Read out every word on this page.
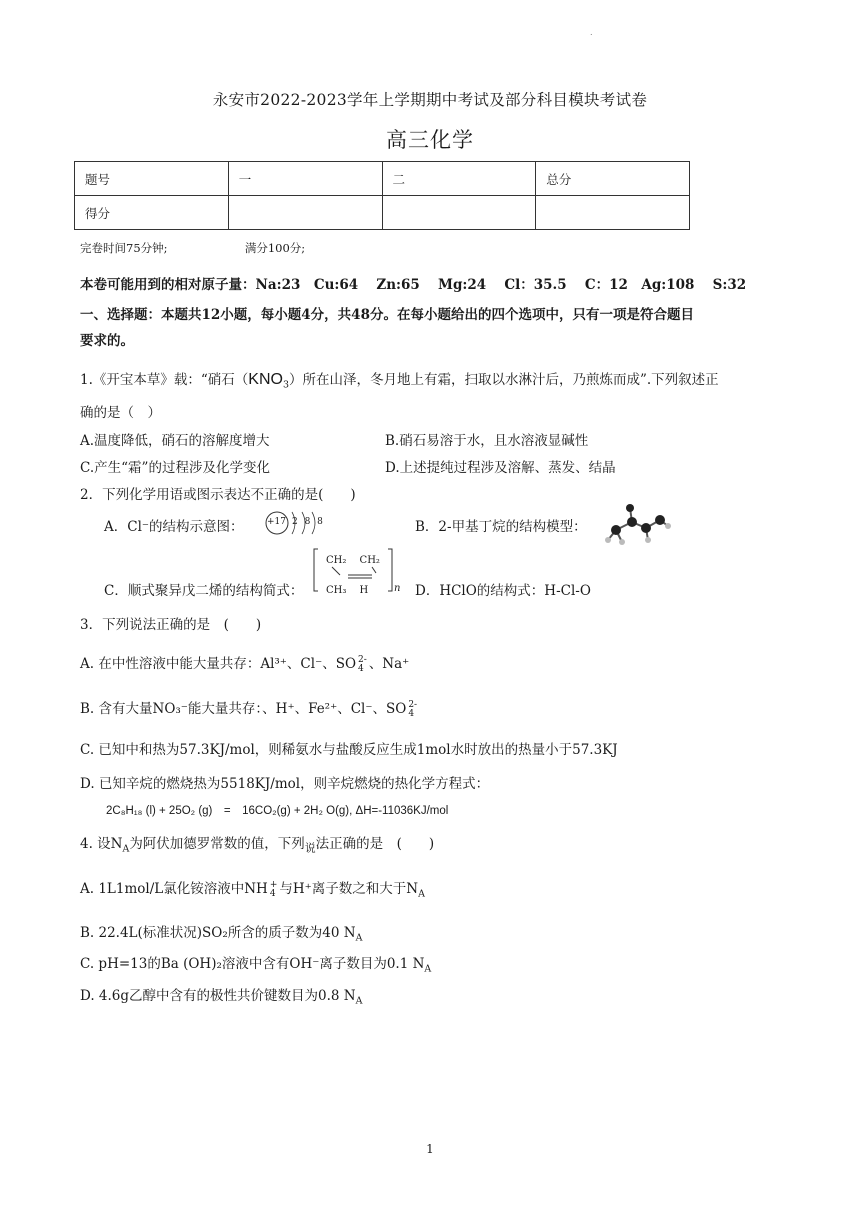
.
永安市2022-2023学年上学期期中考试及部分科目模块考试卷
高三化学
题号	一	二	总分
得分			
完卷时间75分钟;	满分100分;
本卷可能用到的相对原子量：Na:23　Cu:64　 Zn:65　 Mg:24　 Cl：35.5　 C：12　Ag:108　 S:32
一、选择题：本题共12小题，每小题4分，共48分。在每小题给出的四个选项中，只有一项是符合题目
要求的。
1.《开宝本草》载：“硝石$(KNO_3)$所在山泽，冬月地上有霜，扫取以水淋汁后，乃煎炼而成”.下列叙述正
确的是（　）
A.温度降低，硝石的溶解度增大	B.硝石易溶于水，且水溶液显碱性
C.产生“霜”的过程涉及化学变化	D.上述提纯过程涉及溶解、蒸发、结晶
2．下列化学用语或图示表达不正确的是(　　)
A．Cl⁻的结构示意图：	+17 2 8 8	B．2-甲基丁烷的结构模型：
C．顺式聚异戊二烯的结构简式：
CH₂　 CH₂
CH₃　 H	n D．HClO的结构式：H-Cl-O
3．下列说法正确的是　(　　)
A. 在中性溶液中能大量共存：Al³⁺、Cl⁻、SO 2-
4 、Na⁺
B. 含有大量NO₃⁻能大量共存：、H⁺、Fe²⁺、Cl⁻、SO 2-
4
C. 已知中和热为57.3KJ/mol，则稀氨水与盐酸反应生成1mol水时放出的热量小于57.3KJ
D. 已知辛烷的燃烧热为5518KJ/mol，则辛烷燃烧的热化学方程式：
2C₈H₁₈ (l) + 25O₂ (g)　=　16CO₂(g) + 2H₂ O(g), ΔH=-11036KJ/mol
4. 设$N_A$为阿伏加德罗常数的值，下列$_说$法正确的是　(　　)
A. 1L1mol/L氯化铵溶液中NH +
4 与H⁺离子数之和大于$N_A$
B. 22.4L(标准状况)SO₂所含的质子数为40 $N_A$
C. pH=13的Ba (OH)₂溶液中含有OH⁻离子数目为0.1 $N_A$
D. 4.6g乙醇中含有的极性共价键数目为0.8 $N_A$
1
